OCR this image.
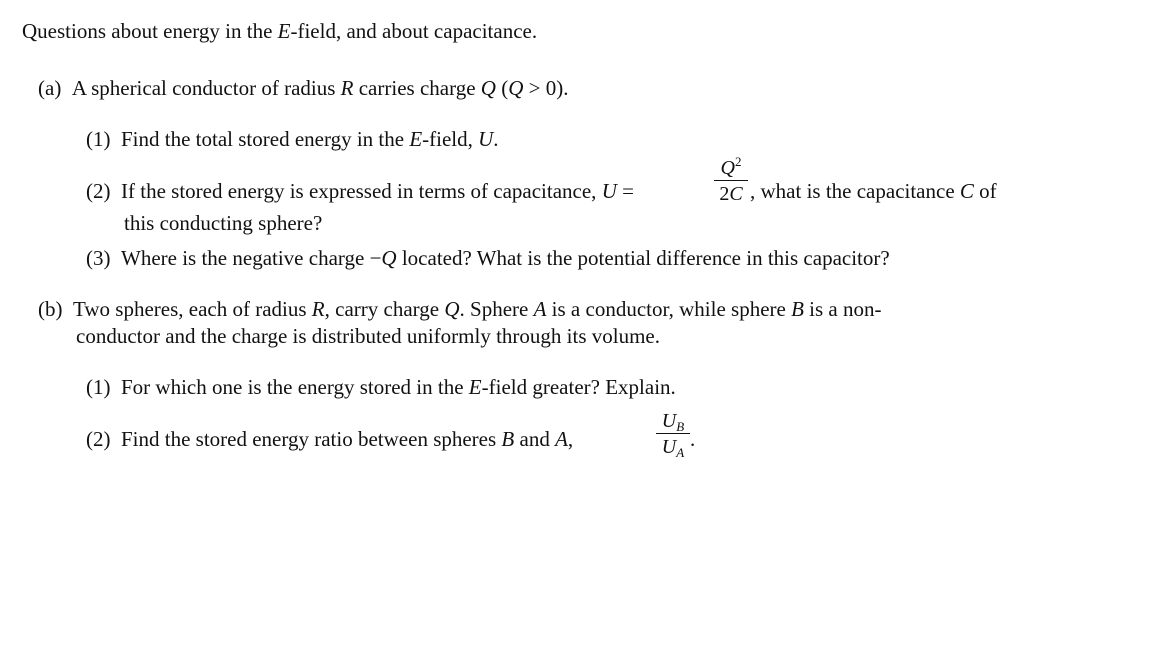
Questions about energy in the E-field, and about capacitance.
(a)  A spherical conductor of radius R carries charge Q (Q > 0).
(1)  Find the total stored energy in the E-field, U.
(2)  If the stored energy is expressed in terms of capacitance, U =
$Q^2$
2C , what is the capacitance C of
this conducting sphere?
(3)  Where is the negative charge −Q located? What is the potential difference in this capacitor?
(b)  Two spheres, each of radius R, carry charge Q. Sphere A is a conductor, while sphere B is a non-
conductor and the charge is distributed uniformly through its volume.
(1)  For which one is the energy stored in the E-field greater? Explain.
(2)  Find the stored energy ratio between spheres B and A,
$U_B$
$U_A$
.
